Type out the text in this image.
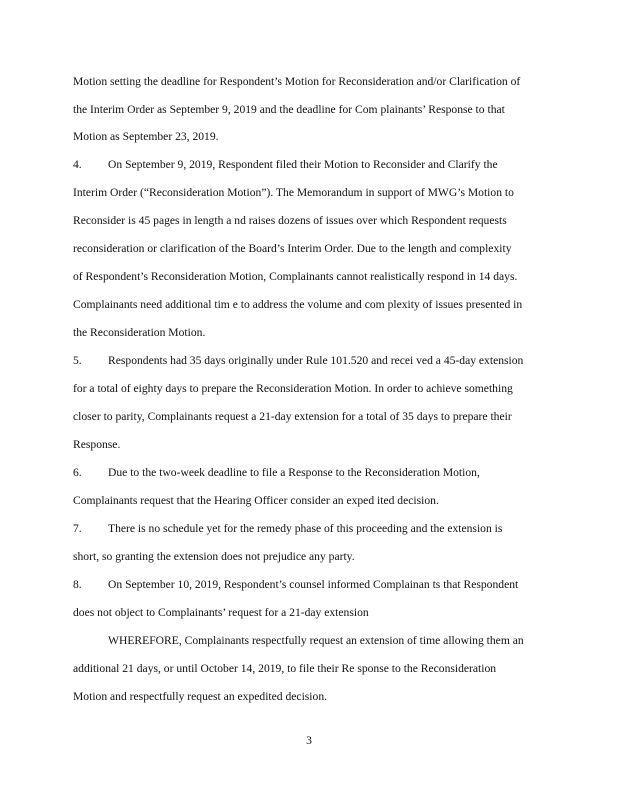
Motion setting the deadline for Respondent’s Motion for Reconsideration and/or Clarification of
the Interim Order as September 9, 2019 and the deadline for Com plainants’ Response to that
Motion as September 23, 2019.
4. On September 9, 2019, Respondent filed their Motion to Reconsider and Clarify the
Interim Order (“Reconsideration Motion”). The Memorandum in support of MWG’s Motion to
Reconsider is 45 pages in length a nd raises dozens of issues over which Respondent requests
reconsideration or clarification of the Board’s Interim Order. Due to the length and complexity
of Respondent’s Reconsideration Motion, Complainants cannot realistically respond in 14 days.
Complainants need additional tim e to address the volume and com plexity of issues presented in
the Reconsideration Motion.
5. Respondents had 35 days originally under Rule 101.520 and recei ved a 45-day extension
for a total of eighty days to prepare the Reconsideration Motion. In order to achieve something
closer to parity, Complainants request a 21-day extension for a total of 35 days to prepare their
Response.
6. Due to the two-week deadline to file a Response to the Reconsideration Motion,
Complainants request that the Hearing Officer consider an exped ited decision.
7. There is no schedule yet for the remedy phase of this proceeding and the extension is
short, so granting the extension does not prejudice any party.
8. On September 10, 2019, Respondent’s counsel informed Complainan ts that Respondent
does not object to Complainants’ request for a 21-day extension
WHEREFORE, Complainants respectfully request an extension of time allowing them an
additional 21 days, or until October 14, 2019, to file their Re sponse to the Reconsideration
Motion and respectfully request an expedited decision.
3
